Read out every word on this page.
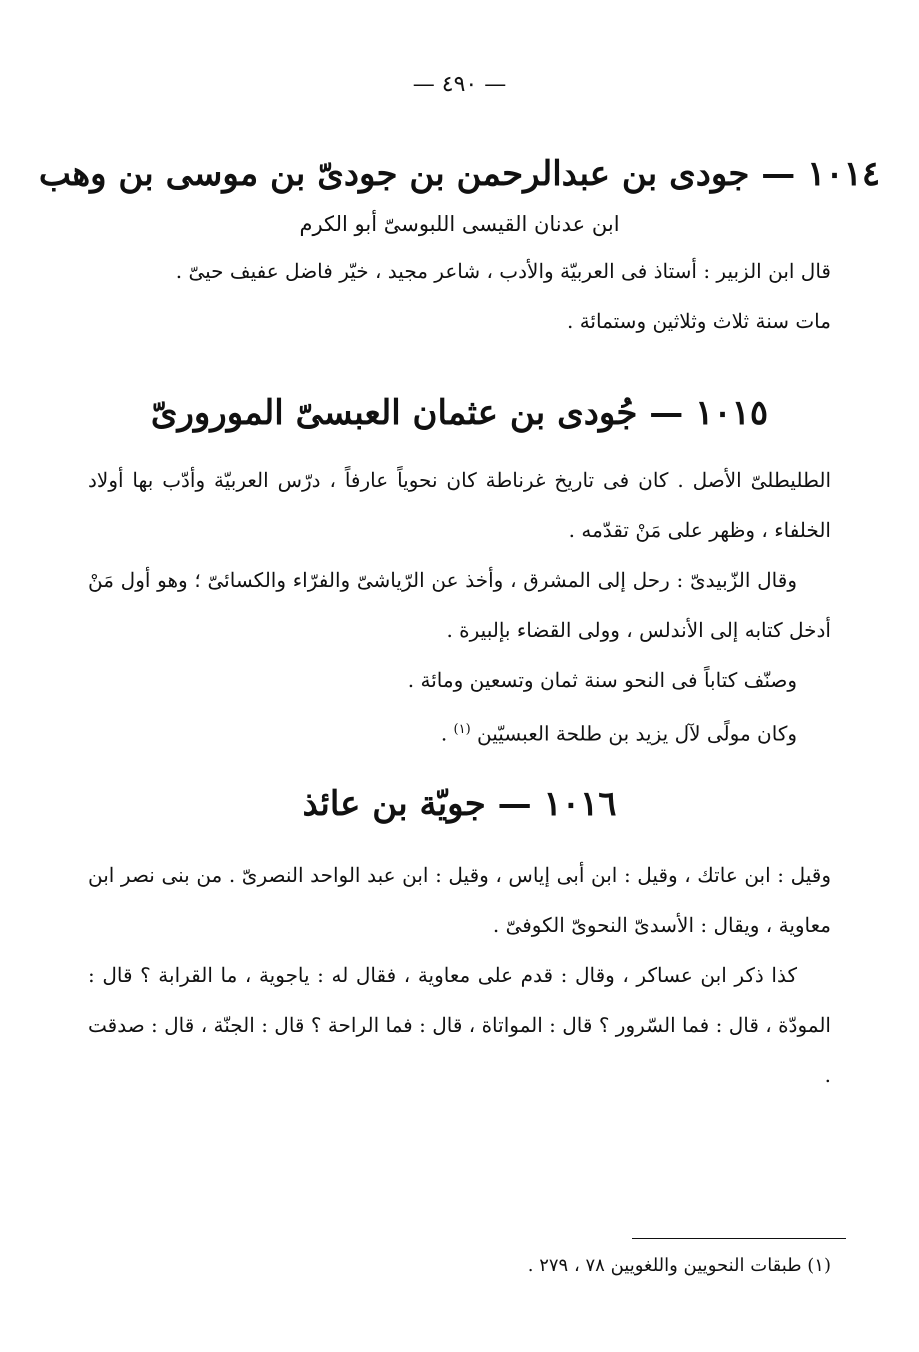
— ٤٩٠ —
١٠١٤ — جودى بن عبدالرحمن بن جودىّ بن موسى بن وهب

ابن عدنان القيسى اللبوسىّ أبو الكرم

قال ابن الزبير : أستاذ فى العربيّة والأدب ، شاعر مجيد ، خيّر فاضل عفيف حيىّ .

مات سنة ثلاث وثلاثين وستمائة .

١٠١٥ — جُودى بن عثمان العبسىّ المورورىّ

الطليطلىّ الأصل . كان فى تاريخ غرناطة كان نحوياً عارفاً ، درّس العربيّة وأدّب بها أولاد الخلفاء ، وظهر على مَنْ تقدّمه .

وقال الزّبيدىّ : رحل إلى المشرق ، وأخذ عن الرّياشىّ والفرّاء والكسائىّ ؛ وهو أول مَنْ أدخل كتابه إلى الأندلس ، وولى القضاء بإلبيرة .

وصنّف كتاباً فى النحو سنة ثمان وتسعين ومائة .

وكان مولًى لآل يزيد بن طلحة العبسيّين $^{(١)}$ .

١٠١٦ — جويّة بن عائذ

وقيل : ابن عاتك ، وقيل : ابن أبى إياس ، وقيل : ابن عبد الواحد النصرىّ . من بنى نصر ابن معاوية ، ويقال : الأسدىّ النحوىّ الكوفىّ .

كذا ذكر ابن عساكر ، وقال : قدم على معاوية ، فقال له : ياجوية ، ما القرابة ؟ قال : المودّة ، قال : فما السّرور ؟ قال : المواتاة ، قال : فما الراحة ؟ قال : الجنّة ، قال : صدقت .

(١) طبقات النحويين واللغويين ٧٨ ، ٢٧٩ .
